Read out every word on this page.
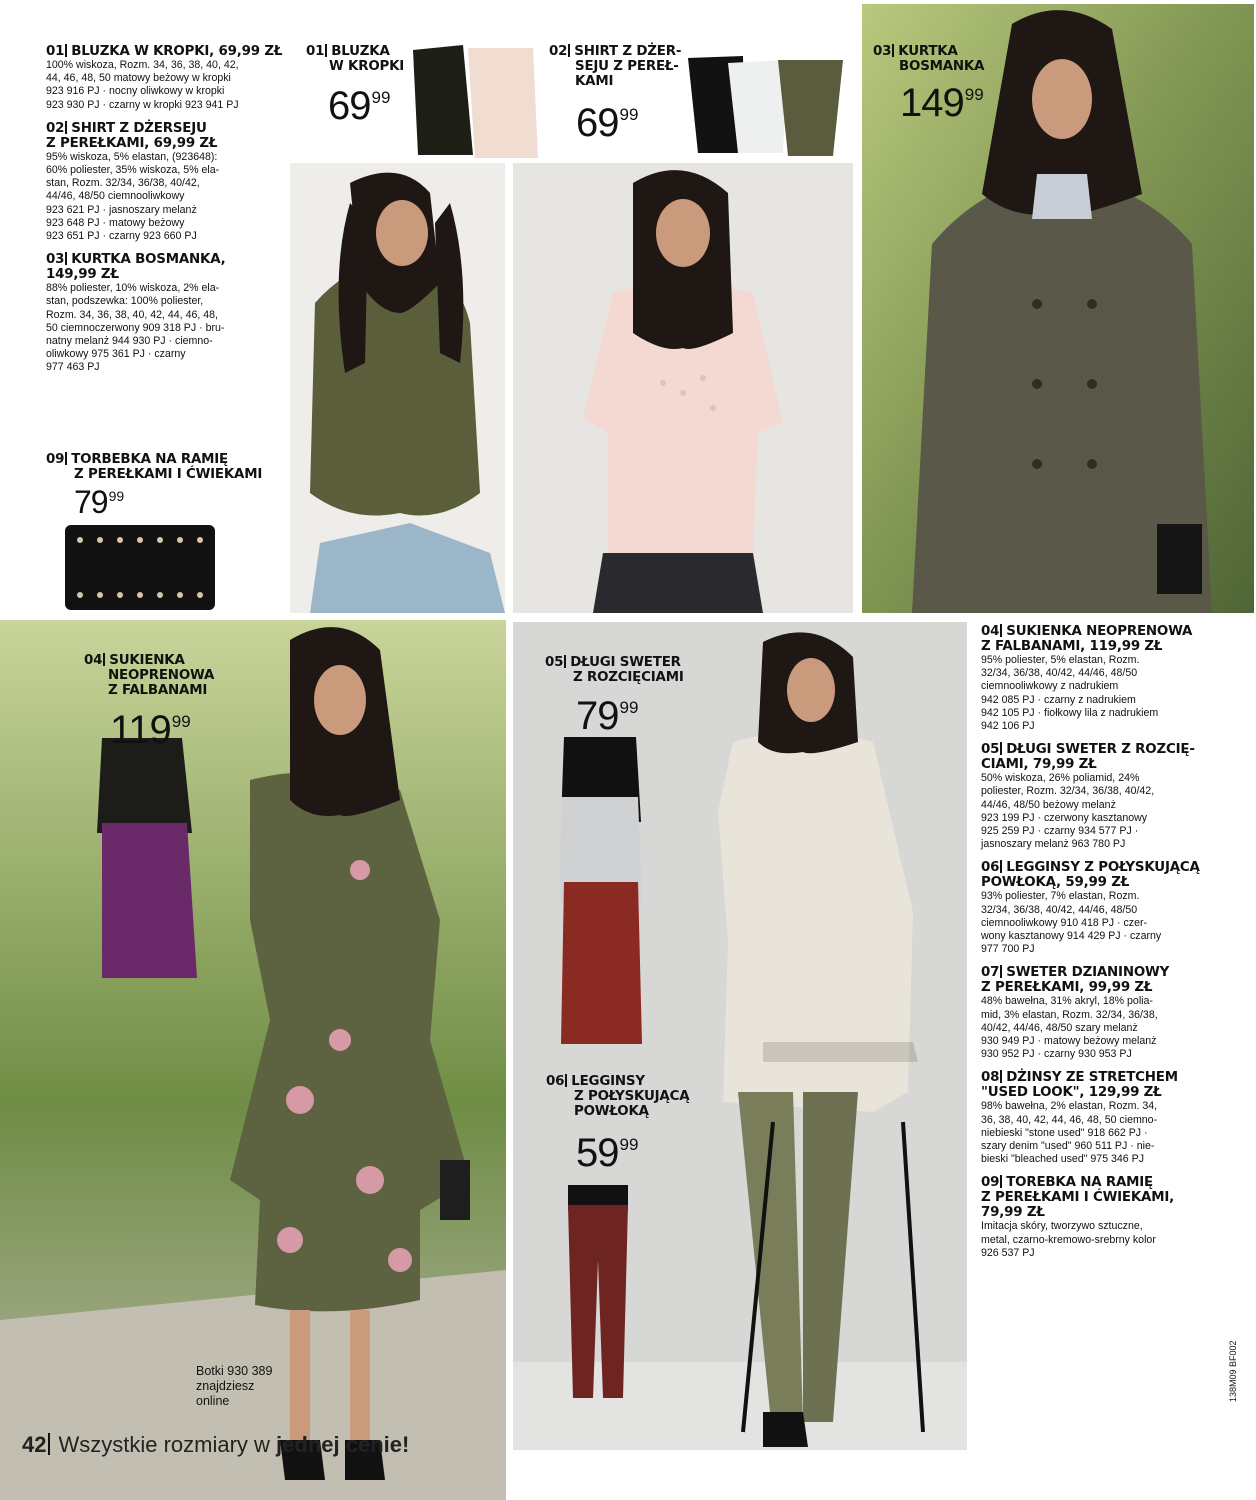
01 BLUZKA W KROPKI, 69,99 ZŁ
100% wiskoza, Rozm. 34, 36, 38, 40, 42,
44, 46, 48, 50 matowy beżowy w kropki
923 916 PJ · nocny oliwkowy w kropki
923 930 PJ · czarny w kropki 923 941 PJ
02 SHIRT Z DŻERSEJU
Z PEREŁKAMI, 69,99 ZŁ
95% wiskoza, 5% elastan, (923648):
60% poliester, 35% wiskoza, 5% ela-
stan, Rozm. 32/34, 36/38, 40/42,
44/46, 48/50 ciemnooliwkowy
923 621 PJ · jasnoszary melanż
923 648 PJ · matowy beżowy
923 651 PJ · czarny 923 660 PJ
03 KURTKA BOSMANKA,
149,99 ZŁ
88% poliester, 10% wiskoza, 2% ela-
stan, podszewka: 100% poliester,
Rozm. 34, 36, 38, 40, 42, 44, 46, 48,
50 ciemnoczerwony 909 318 PJ · bru-
natny melanż 944 930 PJ · ciemno-
oliwkowy 975 361 PJ · czarny
977 463 PJ
09 TORBEBKA NA RAMIĘ
Z PEREŁKAMI I ĆWIEKAMI
7999
01 BLUZKA
W KROPKI
6999
02 SHIRT Z DŻER-
SEJU Z PEREŁ-
KAMI
6999
03 KURTKA
BOSMANKA
14999
04 SUKIENKA
NEOPRENOWA
Z FALBANAMI
11999
05 DŁUGI SWETER
Z ROZCIĘCIAMI
7999
06 LEGGINSY
Z POŁYSKUJĄCĄ
POWŁOKĄ
5999
04 SUKIENKA NEOPRENOWA
Z FALBANAMI, 119,99 ZŁ
95% poliester, 5% elastan, Rozm.
32/34, 36/38, 40/42, 44/46, 48/50
ciemnooliwkowy z nadrukiem
942 085 PJ · czarny z nadrukiem
942 105 PJ · fiołkowy lila z nadrukiem
942 106 PJ
05 DŁUGI SWETER Z ROZCIĘ-
CIAMI, 79,99 ZŁ
50% wiskoza, 26% poliamid, 24%
poliester, Rozm. 32/34, 36/38, 40/42,
44/46, 48/50 beżowy melanż
923 199 PJ · czerwony kasztanowy
925 259 PJ · czarny 934 577 PJ ·
jasnoszary melanż 963 780 PJ
06 LEGGINSY Z POŁYSKUJĄCĄ
POWŁOKĄ, 59,99 ZŁ
93% poliester, 7% elastan, Rozm.
32/34, 36/38, 40/42, 44/46, 48/50
ciemnooliwkowy 910 418 PJ · czer-
wony kasztanowy 914 429 PJ · czarny
977 700 PJ
07 SWETER DZIANINOWY
Z PEREŁKAMI, 99,99 ZŁ
48% bawełna, 31% akryl, 18% polia-
mid, 3% elastan, Rozm. 32/34, 36/38,
40/42, 44/46, 48/50 szary melanż
930 949 PJ · matowy beżowy melanż
930 952 PJ · czarny 930 953 PJ
08 DŻINSY ZE STRETCHEM
"USED LOOK", 129,99 ZŁ
98% bawełna, 2% elastan, Rozm. 34,
36, 38, 40, 42, 44, 46, 48, 50 ciemno-
niebieski "stone used" 918 662 PJ ·
szary denim "used" 960 511 PJ · nie-
bieski "bleached used" 975 346 PJ
09 TOREBKA NA RAMIĘ
Z PEREŁKAMI I ĆWIEKAMI,
79,99 ZŁ
Imitacja skóry, tworzywo sztuczne,
metal, czarno-kremowo-srebrny kolor
926 537 PJ
Botki 930 389
znajdziesz
online
42 Wszystkie rozmiary w jednej cenie!
138M09 BF002
